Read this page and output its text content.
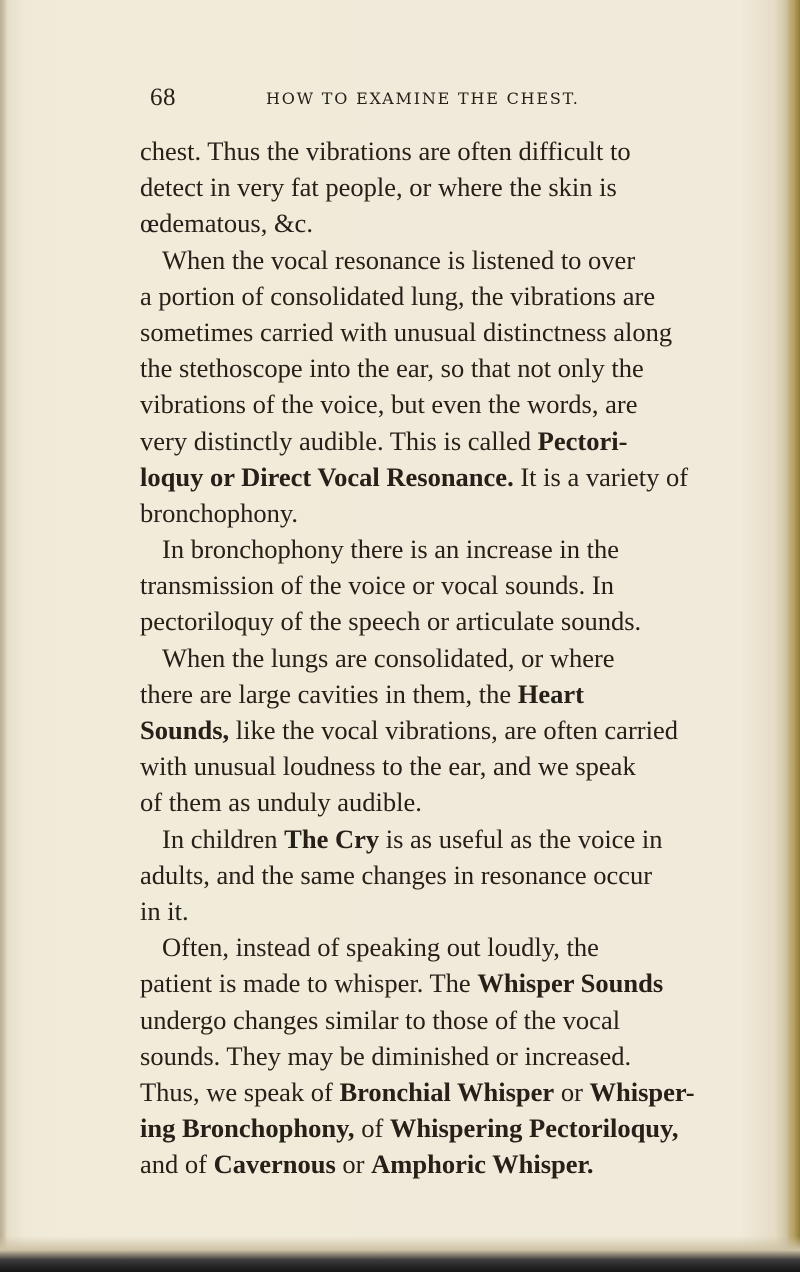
68	HOW TO EXAMINE THE CHEST.
chest. Thus the vibrations are often difficult to
detect in very fat people, or where the skin is
œdematous, &c.
When the vocal resonance is listened to over
a portion of consolidated lung, the vibrations are
sometimes carried with unusual distinctness along
the stethoscope into the ear, so that not only the
vibrations of the voice, but even the words, are
very distinctly audible. This is called Pectori-
loquy or Direct Vocal Resonance. It is a variety of
bronchophony.
In bronchophony there is an increase in the
transmission of the voice or vocal sounds. In
pectoriloquy of the speech or articulate sounds.
When the lungs are consolidated, or where
there are large cavities in them, the Heart
Sounds, like the vocal vibrations, are often carried
with unusual loudness to the ear, and we speak
of them as unduly audible.
In children The Cry is as useful as the voice in
adults, and the same changes in resonance occur
in it.
Often, instead of speaking out loudly, the
patient is made to whisper. The Whisper Sounds
undergo changes similar to those of the vocal
sounds. They may be diminished or increased.
Thus, we speak of Bronchial Whisper or Whisper-
ing Bronchophony, of Whispering Pectoriloquy,
and of Cavernous or Amphoric Whisper.
